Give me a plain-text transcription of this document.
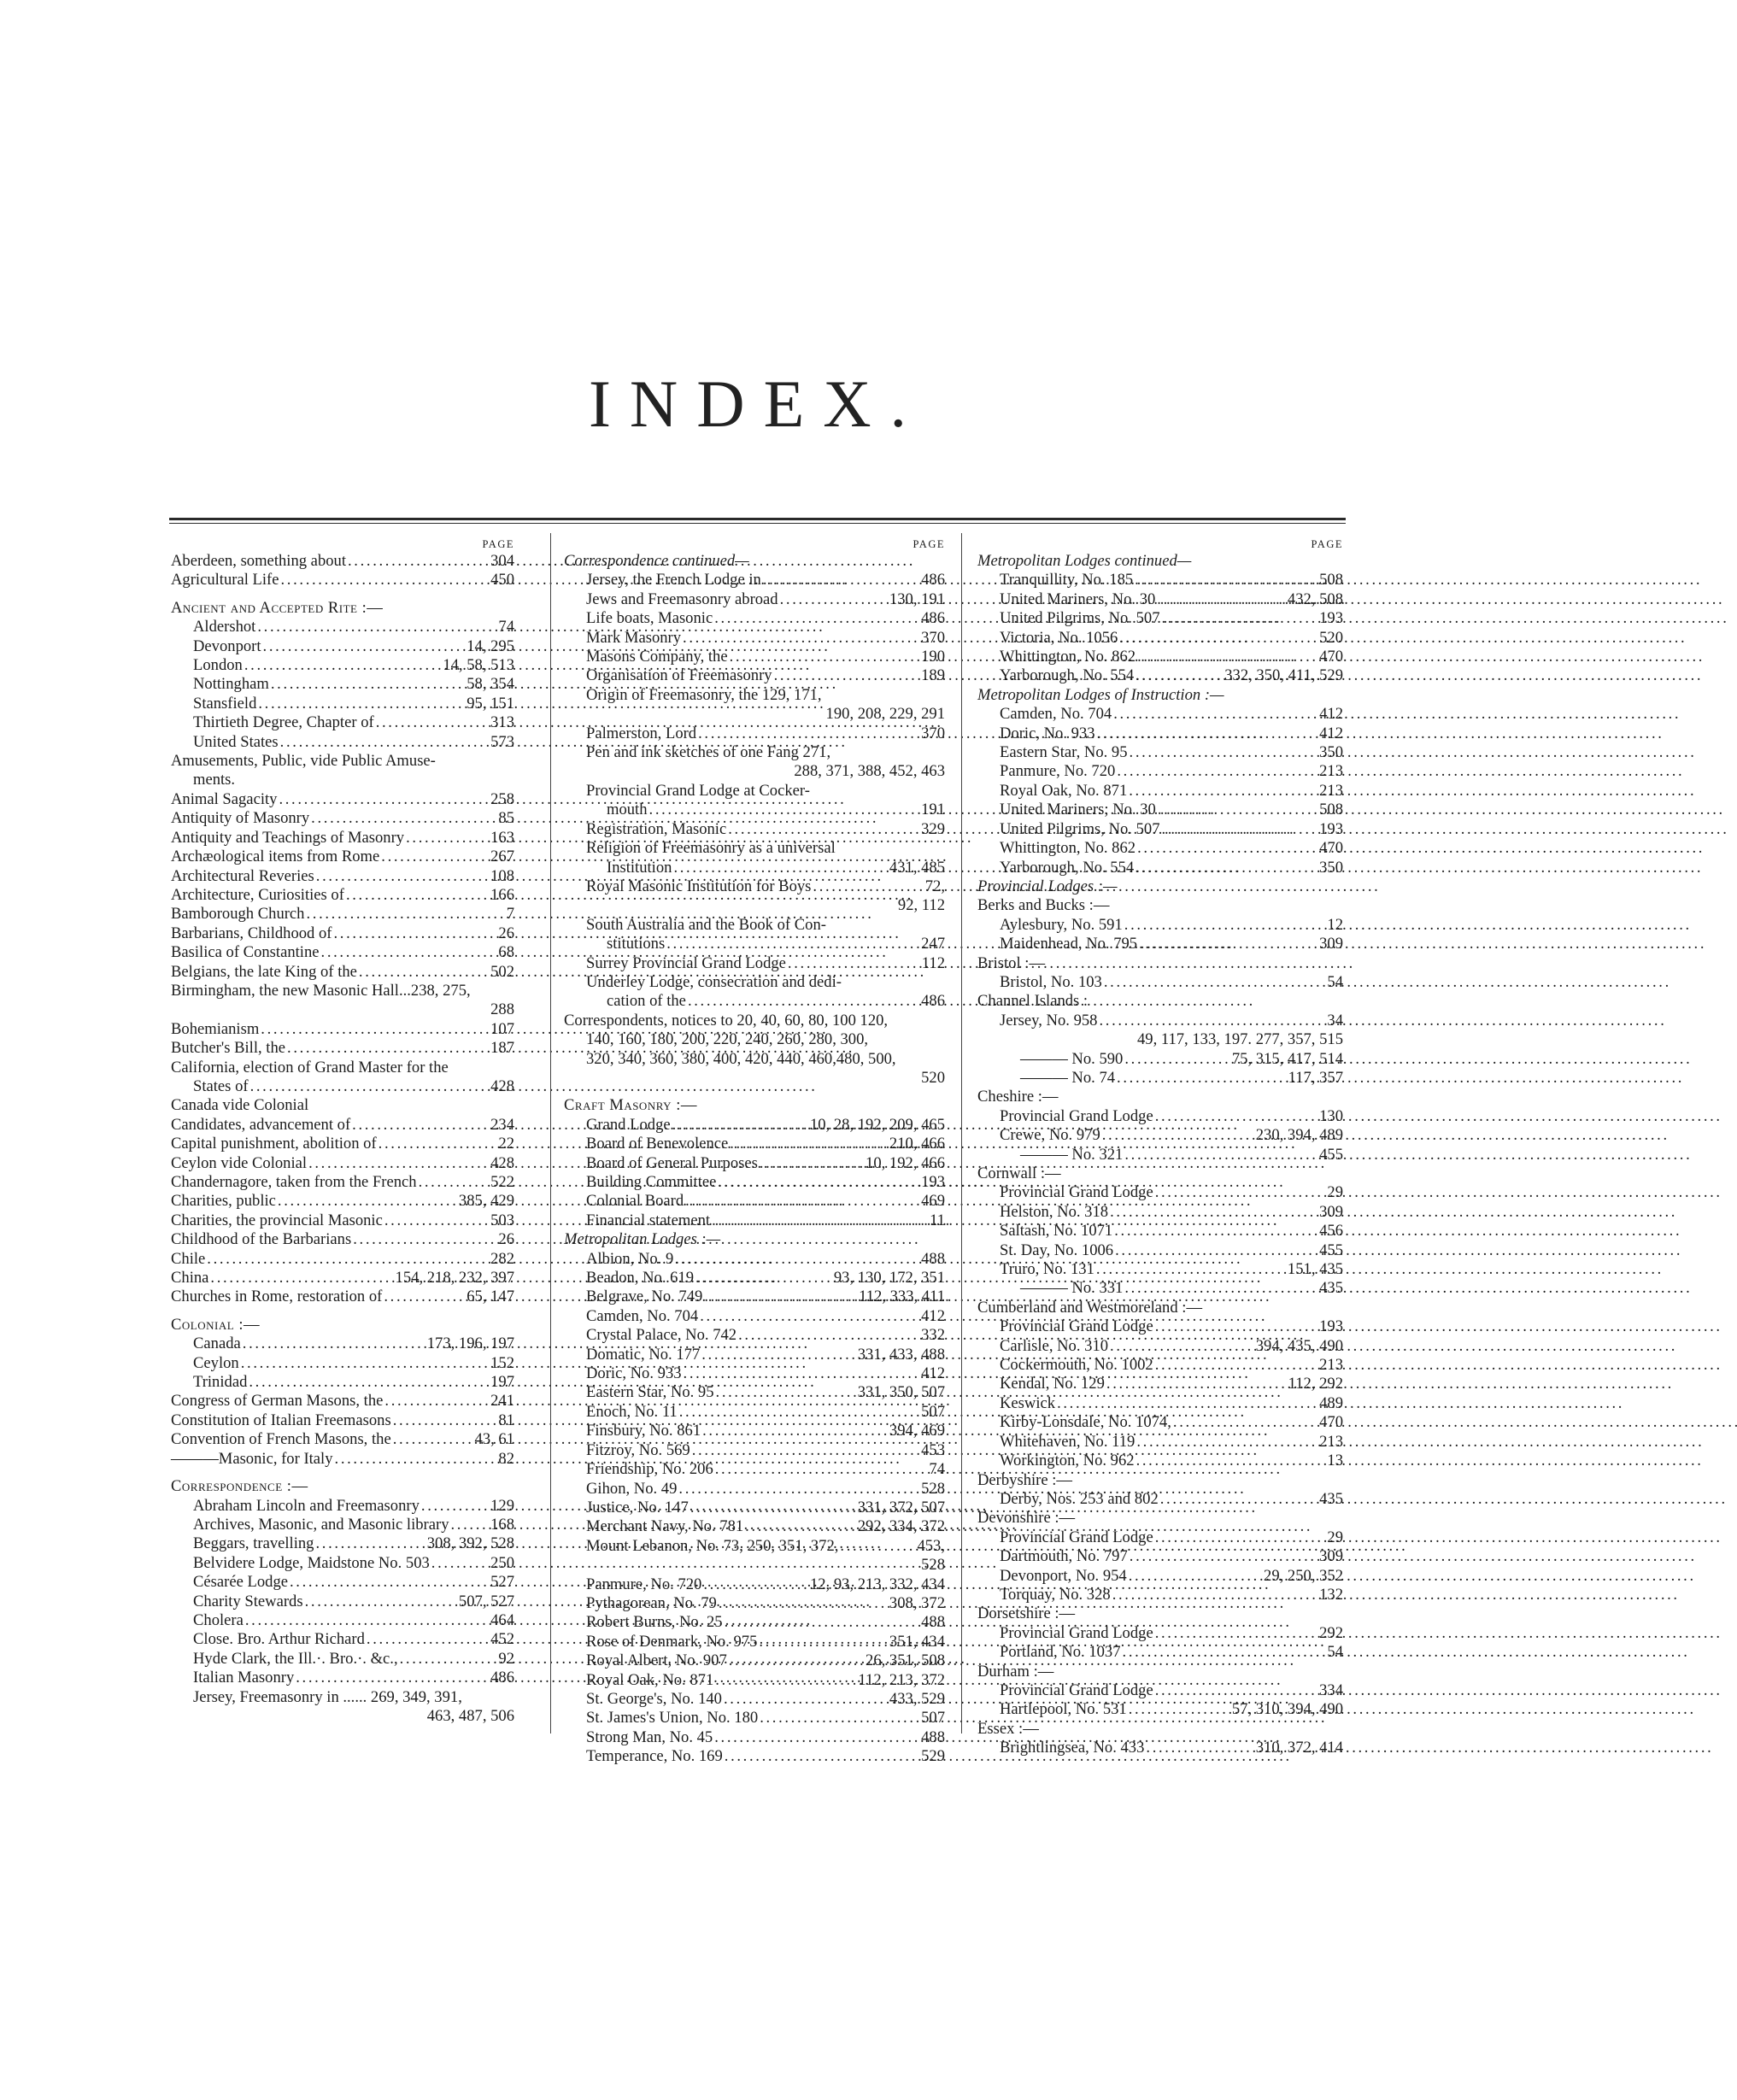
INDEX.
PAGE
Aberdeen, something about . . .	304
Agricultural Life . . .	450
Ancient and Accepted Rite :—
Aldershot . . .	74
Devonport . . .	14, 295
London . . .	14, 58, 513
Nottingham . . .	58, 354
Stansfield . . .	95, 151
Thirtieth Degree, Chapter of . . .	313
United States . . .	573
Amusements, Public, vide Public Amuse-
ments.
Animal Sagacity . . .	258
Antiquity of Masonry . . .	85
Antiquity and Teachings of Masonry . . .	163
Archæological items from Rome . . .	267
Architectural Reveries . . .	108
Architecture, Curiosities of . . .	166
Bamborough Church . . .	7
Barbarians, Childhood of . . .	26
Basilica of Constantine . . .	68
Belgians, the late King of the . . .	502
Birmingham, the new Masonic Hall...238, 275,
288
Bohemianism . . .	107
Butcher's Bill, the . . .	187
California, election of Grand Master for the
States of . . .	428
Canada vide Colonial
Candidates, advancement of . . .	234
Capital punishment, abolition of . . .	22
Ceylon vide Colonial . . .	428
Chandernagore, taken from the French . . .	522
Charities, public . . .	385, 429
Charities, the provincial Masonic . . .	503
Childhood of the Barbarians . . .	26
Chile . . .	282
China . . .	154, 218, 232, 397
Churches in Rome, restoration of . . .	65, 147
Colonial :—
Canada . . .	173, 196, 197
Ceylon . . .	152
Trinidad . . .	197
Congress of German Masons, the . . .	241
Constitution of Italian Freemasons . . .	81
Convention of French Masons, the . . .	43, 61
———Masonic, for Italy . . .	82
Correspondence :—
Abraham Lincoln and Freemasonry . . .	129
Archives, Masonic, and Masonic library . . .	168
Beggars, travelling . . .	308, 392, 528
Belvidere Lodge, Maidstone No. 503 . . .	250
Césarée Lodge . . .	527
Charity Stewards . . .	507, 527
Cholera . . .	464
Close. Bro. Arthur Richard . . .	452
Hyde Clark, the Ill.·. Bro.·. &c., . . .	92
Italian Masonry . . .	486
Jersey, Freemasonry in ...... 269, 349, 391,
463, 487, 506
PAGE
Correspondence continued—
Jersey, the French Lodge in . . .	486
Jews and Freemasonry abroad . . .	130, 191
Life boats, Masonic . . .	486
Mark Masonry . . .	370
Masons Company, the . . .	190
Organisation of Freemasonry . . .	189
Origin of Freemasonry, the 129, 171,
190, 208, 229, 291
Palmerston, Lord . . .	370
Pen and ink sketches of one Fang 271,
288, 371, 388, 452, 463
Provincial Grand Lodge at Cocker-
mouth . . .	191
Registration, Masonic . . .	329
Religion of Freemasonry as a universal
Institution . . .	431, 485
Royal Masonic Institution for Boys . . .	72,
92, 112
South Australia and the Book of Con-
stitutions . . .	247
Surrey Provincial Grand Lodge . . .	112
Underley Lodge, consecration and dedi-
cation of the . . .	486
Correspondents, notices to 20, 40, 60, 80, 100 120,
140, 160, 180, 200, 220, 240, 260, 280, 300,
320, 340, 360, 380, 400, 420, 440, 460,480, 500,
520
Craft Masonry :—
Grand Lodge . . .	10, 28, 192, 209, 465
Board of Benevolence . . .	210, 466
Board of General Purposes . . .	10, 192, 466
Building Committee . . .	193
Colonial Board . . .	469
Financial statement . . .	11
Metropolitan Lodges :—
Albion, No. 9 . . .	488
Beadon, No. 619 . . .	93, 130, 172, 351
Belgrave, No. 749 . . .	112, 333, 411
Camden, No. 704 . . .	412
Crystal Palace, No. 742 . . .	332
Domatic, No. 177 . . .	331, 433, 488
Doric, No. 933 . . .	412
Eastern Star, No. 95 . . .	331, 350, 507
Enoch, No. 11 . . .	507
Finsbury, No. 861 . . .	394, 469
Fitzroy, No. 569 . . .	453
Friendship, No. 206 . . .	74
Gihon, No. 49 . . .	528
Justice, No. 147 . . .	331, 372, 507
Merchant Navy, No. 781 . . .	292, 334, 372
Mount Lebanon, No. 73, 250, 351, 372, . . .	453,
528
Panmure, No. 720 . . .	12, 93, 213, 332, 434
Pythagorean, No. 79 . . .	308, 372
Robert Burns, No. 25 . . .	488
Rose of Denmark, No. 975 . . .	351, 434
Royal Albert, No. 907 . . .	26, 351, 508
Royal Oak, No. 871 . . .	112, 213, 372
St. George's, No. 140 . . .	433, 529
St. James's Union, No. 180 . . .	507
Strong Man, No. 45 . . .	488
Temperance, No. 169 . . .	529
PAGE
Metropolitan Lodges continued—
Tranquillity, No. 185 . . .	508
United Mariners, No. 30 . . .	432, 508
United Pilgrims, No. 507 . . .	193
Victoria, No. 1056 . . .	520
Whittington, No. 862 . . .	470
Yarborough, No. 554 . . .	332, 350, 411, 529
Metropolitan Lodges of Instruction :—
Camden, No. 704 . . .	412
Doric, No. 933 . . .	412
Eastern Star, No. 95 . . .	350
Panmure, No. 720 . . .	213
Royal Oak, No. 871 . . .	213
United Mariners; No. 30 . . .	508
United Pilgrims, No. 507 . . .	193
Whittington, No. 862 . . .	470
Yarborough, No. 554 . . .	350
Provincial Lodges :—
Berks and Bucks :—
Aylesbury, No. 591 . . .	12
Maidenhead, No. 795 . . .	309
Bristol :—
Bristol, No. 103 . . .	54
Channel Islands :
Jersey, No. 958 . . .	34
49, 117, 133, 197. 277, 357, 515
——— No. 590 . . .	75, 315, 417, 514
——— No. 74 . . .	117, 357
Cheshire :—
Provincial Grand Lodge . . .	130
Crewe, No. 979 . . .	230, 394, 489
——— No. 321 . . .	455
Cornwall :—
Provincial Grand Lodge . . .	29
Helston, No. 318 . . .	309
Saltash, No. 1071 . . .	456
St. Day, No. 1006 . . .	455
Truro, No. 131 . . .	151, 435
——— No. 331 . . .	435
Cumberland and Westmoreland :—
Provincial Grand Lodge . . .	193
Carlisle, No. 310 . . .	394, 435, 490
Cockermouth, No. 1002 . . .	213
Kendal, No. 129 . . .	112, 292
Keswick . . .	489
Kirby-Lonsdale, No. 1074, . . .	470
Whitehaven, No. 119 . . .	213
Workington, No. 962 . . .	13
Derbyshire :—
Derby, Nos. 253 and 802 . . .	435
Devonshire :—
Provincial Grand Lodge . . .	29
Dartmouth, No. 797 . . .	309
Devonport, No. 954 . . .	29, 250, 352
Torquay, No. 328 . . .	132
Dorsetshire :—
Provincial Grand Lodge . . .	292
Portland, No. 1037 . . .	54
Durham :—
Provincial Grand Lodge . . .	334
Hartlepool, No. 531 . . .	57, 310, 394, 490
Essex :—
Brightlingsea, No. 433 . . .	310, 372, 414
